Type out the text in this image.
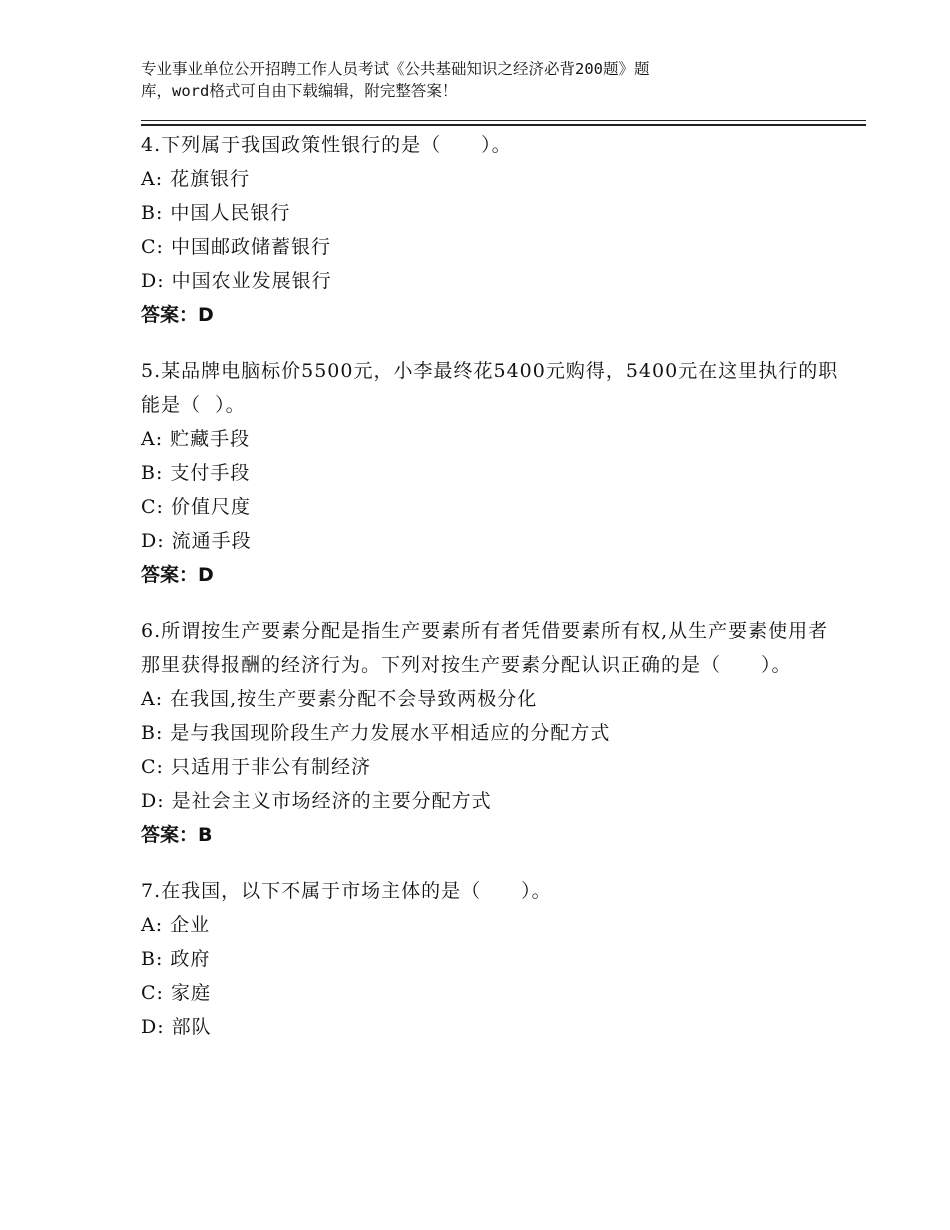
专业事业单位公开招聘工作人员考试《公共基础知识之经济必背200题》题
库，word格式可自由下载编辑，附完整答案！
4.下列属于我国政策性银行的是（　　）。
A: 花旗银行
B: 中国人民银行
C: 中国邮政储蓄银行
D: 中国农业发展银行
答案：D
5.某品牌电脑标价5500元，小李最终花5400元购得，5400元在这里执行的职能是（  ）。
A: 贮藏手段
B: 支付手段
C: 价值尺度
D: 流通手段
答案：D
6.所谓按生产要素分配是指生产要素所有者凭借要素所有权,从生产要素使用者那里获得报酬的经济行为。下列对按生产要素分配认识正确的是（　　）。
A: 在我国,按生产要素分配不会导致两极分化
B: 是与我国现阶段生产力发展水平相适应的分配方式
C: 只适用于非公有制经济
D: 是社会主义市场经济的主要分配方式
答案：B
7.在我国，以下不属于市场主体的是（　　）。
A: 企业
B: 政府
C: 家庭
D: 部队
